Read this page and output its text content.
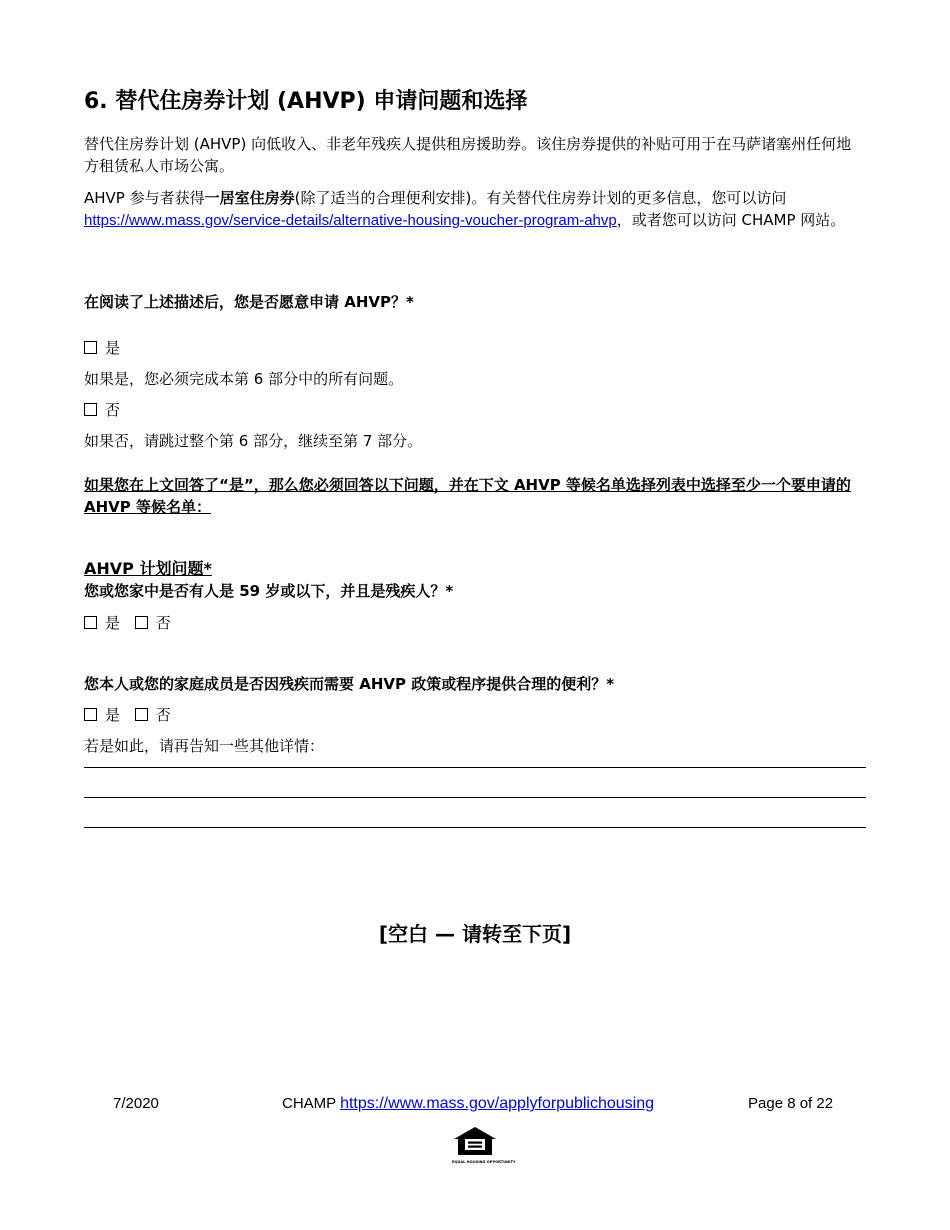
6. 替代住房券计划 (AHVP) 申请问题和选择
替代住房券计划 (AHVP) 向低收入、非老年残疾人提供租房援助券。该住房券提供的补贴可用于在马萨诸塞州任何地方租赁私人市场公寓。
AHVP 参与者获得一居室住房券(除了适当的合理便利安排)。有关替代住房券计划的更多信息，您可以访问 https://www.mass.gov/service-details/alternative-housing-voucher-program-ahvp，或者您可以访问 CHAMP 网站。
在阅读了上述描述后，您是否愿意申请 AHVP？*
是
如果是，您必须完成本第 6 部分中的所有问题。
否
如果否，请跳过整个第 6 部分，继续至第 7 部分。
如果您在上文回答了“是”，那么您必须回答以下问题，并在下文 AHVP 等候名单选择列表中选择至少一个要申请的 AHVP 等候名单：
AHVP 计划问题*
您或您家中是否有人是 59 岁或以下，并且是残疾人？*
是 否
您本人或您的家庭成员是否因残疾而需要 AHVP 政策或程序提供合理的便利？*
是 否
若是如此，请再告知一些其他详情：
[空白 — 请转至下页]
7/2020	CHAMP https://www.mass.gov/applyforpublichousing	Page 8 of 22
EQUAL HOUSING OPPORTUNITY
